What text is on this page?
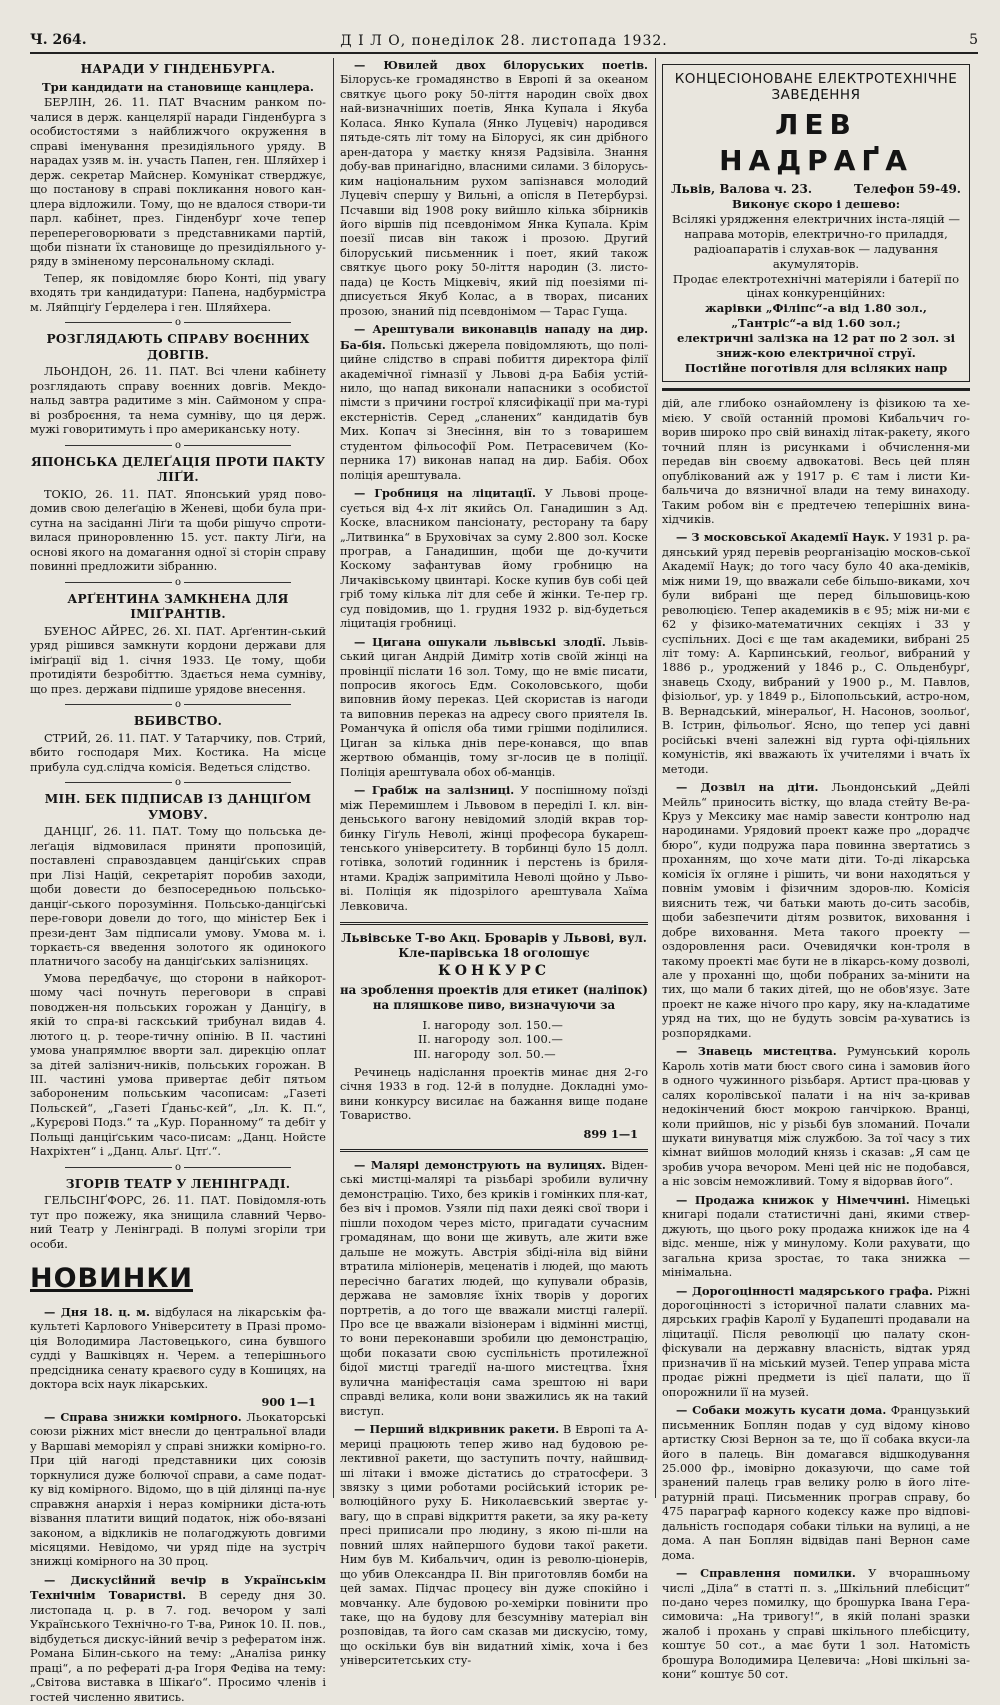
Ч. 264.	Д І Л О, понеділок 28. листопада 1932.	5
НАРАДИ У ГІНДЕНБУРГА.
Три кандидати на становище канцлера.

БЕРЛІН, 26. 11. ПАТ Вчасним ранком по-чалися в держ. канцелярії наради Гінденбурга з особистостями з найближчого окруження в справі іменування президіяльного уряду. В нарадах узяв м. ін. участь Папен, ген. Шляйхер і держ. секретар Майснер. Комунікат стверджує, що постанову в справі покликання нового кан-цлера відложили. Тому, що не вдалося створи-ти парл. кабінет, през. Гінденбурґ хоче тепер перепереговорювати з представниками партій, щоби пізнати їх становище до президіяльного у-ряду в зміненому персональному складі.

Тепер, як повідомляє бюро Конті, під увагу входять три кандидатури: Папена, надбурмістра м. Ляйпціґу Ґерделера і ген. Шляйхера.

o
РОЗГЛЯДАЮТЬ СПРАВУ ВОЄННИХ ДОВГІВ.

ЛЬОНДОН, 26. 11. ПАТ. Всі члени кабінету розглядають справу воєнних довгів. Мекдо-нальд завтра радитиме з мін. Саймоном у спра-ві розброєння, та нема сумніву, що ця держ. мужі говоритимуть і про американську ноту.

o
ЯПОНСЬКА ДЕЛЕҐАЦІЯ ПРОТИ ПАКТУ ЛІҐИ.

ТОКІО, 26. 11. ПАТ. Японський уряд пово-домив свою делеґацію в Женеві, щоби була при-сутна на засіданні Ліґи та щоби рішучо спроти-вилася приноровленню 15. уст. пакту Ліґи, на основі якого на домагання одної зі сторін справу повинні предложити зібранню.

o
АРҐЕНТИНА ЗАМКНЕНА ДЛЯ ІМІҐРАНТІВ.

БУЕНОС АЙРЕС, 26. ХІ. ПАТ. Арґентин-ський уряд рішився замкнути кордони держави для іміґрації від 1. січня 1933. Це тому, щоби протидіяти безробіттю. Здається нема сумніву, що през. держави підпише урядове внесення.

o
ВБИВСТВО.

СТРИЙ, 26. 11. ПАТ. У Татарчику, пов. Стрий, вбито господаря Мих. Костика. На місце прибула суд.слідча комісія. Ведеться слідство.

o
МІН. БЕК ПІДПИСАВ ІЗ ДАНЦІҐОМ УМОВУ.

ДАНЦІҐ, 26. 11. ПАТ. Тому що польська де-леґація відмовилася приняти пропозицій, поставлені справоздавцем данціґських справ при Лізі Націй, секретаріят поробив заходи, щоби довести до безпосередньою польсько-данціґ-ського порозуміння. Польсько-данціґські пере-говори довели до того, що міністер Бек і прези-дент Зам підписали умову. Умова м. і. торкаєть-ся введення золотого як одинокого платничого засобу на данціґських залізницях.

Умова передбачує, що сторони в найкорот-шому часі почнуть переговори в справі поводжен-ня польських горожан у Данціґу, в якій то спра-ві гаскський трибунал видав 4. лютого ц. р. теоре-тичну опінію. В II. частині умова унапрямлює вворти зал. дирекцію оплат за дітей залізнич-ників, польських горожан. В III. частині умова привертає дебіт пятьом забороненим польським часописам: „Газеті Польскєй“, „Газеті Ґданьс-кєй“, „Іл. К. П.“, „Курєрові Подз.“ та „Кур. Поранному“ та дебіт у Польщі данціґським часо-писам: „Данц. Нойсте Нахріхтен“ і „Данц. Альґ. Цтґ.“.

o
ЗГОРІВ ТЕАТР У ЛЕНІНГРАДІ.

ГЕЛЬСІНҐФОРС, 26. 11. ПАТ. Повідомля-ють тут про пожежу, яка знищила славний Черво-ний Театр у Ленінграді. В полумі згоріли три особи.

НОВИНКИ

— Дня 18. ц. м. відбулася на лікарськім фа-культеті Карлового Університету в Празі промо-ція Володимира Ластовецького, сина бувшого судді у Вашківцях н. Черем. а теперішнього предсідника сенату краєвого суду в Кошицях, на доктора всіх наук лікарських.

900 1—1

— Справа знижки комірного. Льокаторські союзи ріжних міст внесли до центральної влади у Варшаві меморіял у справі знижки комірно-го. При цій нагоді представники цих союзів торкнулися дуже болючої справи, а саме подат-ку від комірного. Відомо, що в цій ділянці па-нує справжня анархія і нераз комірники діста-ють візвання платити вищий податок, ніж обо-вязані законом, а відкликів не полагоджують довгими місяцями. Невідомо, чи уряд піде на зустріч знижці комірного на 30 проц.

— Дискусійний вечір в Українськім Технічнім Товаристві. В середу дня 30. листопада ц. р. в 7. год. вечором у залі Українського Технічно-го Т-ва, Ринок 10. II. пов., відбудеться дискус-ійний вечір з рефератом інж. Романа Білин-ського на тему: „Аналіза ринку праці“, а по рефераті д-ра Ігоря Федіва на тему: „Світова виставка в Шікаґо“. Просимо членів і гостей численно явитись.

— Ювилей двох білоруських поетів. Білорусь-ке громадянство в Европі й за океаном святкує цього року 50-ліття народин своїх двох най-визначніших поетів, Янка Купала і Якуба Коласа. Янко Купала (Янко Луцевіч) народився пятьде-сять літ тому на Білорусі, як син дрібного арен-датора у маєтку князя Радзівіла. Знання добу-вав принагідно, власними силами. З білорусь-ким національним рухом запізнався молодий Луцевіч спершу у Вильні, а опісля в Петербурзі. Псчавши від 1908 року вийшло кілька збірників його віршів під псевдонімом Янка Купала. Крім поезії писав він також і прозою. Другий білоруський письменник і поет, який також святкує цього року 50-ліття народин (3. листо-пада) це Кость Міцкевіч, який під поезіями пі-дписується Якуб Колас, а в творах, писаних прозою, знаний під псевдонімом — Тарас Гуща.

— Арештували виконавців нападу на дир. Ба-бія. Польські джерела повідомляють, що полі-цийне слідство в справі побиття директора філії академічної гімназії у Львові д-ра Бабія устій-нило, що напад виконали напасники з особистої пімсти з причини гострої кляcифікації при ма-турі екстерністів. Серед „сланених“ кандидатів був Мих. Копач зі Знесіння, він то з товаришем студентом фільософії Ром. Петрасевичем (Ко-перника 17) виконав напад на дир. Бабія. Обох поліція арештувала.

— Гробниця на ліцитації. У Львові проце-сується від 4-х літ якийсь Ол. Ганадишин з Ад. Коске, власником пансіонату, ресторану та бару „Литвинка“ в Бруховічах за суму 2.800 зол. Коске програв, а Ганадишин, щоби ще до-кучити Коскому зафантував йому гробницю на Личаківському цвинтарі. Коске купив був собі цей гріб тому кілька літ для себе й жінки. Те-пер гр. суд повідомив, що 1. грудня 1932 р. від-будеться ліцитація гробниці.

— Цигана ошукали львівські злодії. Львів-ський циган Андрій Димітр хотів своїй жінці на провінції післати 16 зол. Тому, що не вміє писати, попросив якогось Едм. Соколовського, щоби виповнив йому переказ. Цей скористав із нагоди та виповнив переказ на адресу свого приятеля Ів. Романчука й опісля оба тими грішми поділилися. Циган за кілька днів пере-конався, що впав жертвою обманців, тому зг-лосив це в поліції. Поліція арештувала обох об-манців.

— Грабіж на залізниці. У поспішному поїзді між Перемишлем і Львовом в переділі І. кл. він-деньського вагону невідомий злодій вкрав тор-бинку Гіґуль Неволі, жінці професора букареш-тенського університету. В торбинці було 15 долл. готівка, золотий годинник і перстень із бриля-нтами. Крадіж запримітила Неволі щойно у Льво-ві. Поліція як підозрілого арештувала Хаїма Левковича.

Львівське Т-во Акц. Броварів у Львові, вул. Кле-парівська 18 оголошує
КОНКУРС
на зроблення проектів для етикет (наліпок) на пляшкове пиво, визначуючи за
I. нагороду зол. 150.—
II. нагороду зол. 100.—
III. нагороду зол. 50.—

Речинець надіслання проектів минає дня 2-го січня 1933 в год. 12-й в полудне. Докладні умо-вини конкурсу висилає на бажання вище подане Товариство.

899 1—1

— Малярі демонструють на вулицях. Віден-ські мистці-малярі та різьбарі зробили вуличну демонстрацію. Тихо, без криків і гомінких пля-кат, без віч і промов. Узяли під пахи деякі свої твори і пішли походом через місто, пригадати сучасним громадянам, що вони ще живуть, але жити вже дальше не можуть. Австрія збіді-ніла від війни втратила міліонерів, меценатів і людей, що мають пересічно багатих людей, що купували образів, держава не замовляє їхніх творів у дорогих портретів, а до того ще вважали мистці галерії. Про все це вважали візіонерам і відмінні мистці, то вони переконавши зробили цю демонстрацію, щоби показати свою суспільність протилежної бідої мистці трагедії на-шого мистецтва. Їхня вулична маніфестація сама зрештою ні вари справді велика, коли вони зважились як на такий виступ.

— Перший відкривник ракети. В Европі та А-мериці працюють тепер живо над будовою ре-лективної ракети, що заступить почту, найшвид-ші літаки і вможе дістатись до стратосфери. З звязку з цими роботами російський історик ре-волюційного руху Б. Николаєвський звертає у-вагу, що в справі відкриття ракети, за яку ра-кету пресі приписали про людину, з якою пі-шли на повний шлях найпершого будови такої ракети. Ним був М. Кибальчич, один із револю-ціонерів, що убив Олександра II. Він приготовляв бомби на цей замах. Підчас процесу він дуже спокійно і мовчанку. Але будовою ро-хемірки повінити про таке, що на будову для безсумніву матеріал він розповідав, та його сам сказав ми дискусію, тому, що оскільки був він видатний хімік, хоча і без університетських сту-

КОНЦЕСІОНОВАНЕ ЕЛЕКТРОТЕХНІЧНЕ ЗАВЕДЕННЯ
ЛЕВ НАДРАҐА
Львів, Валова ч. 23.	Телефон 59-49.
Виконує скоро і дешево:
Всілякі урядження електричних інста-ляцій — направа моторів, електрично-го приладдя, радіоапаратів і слухав-вок — ладування акумуляторів.
Продає електротехнічні матеріяли і батерії по цінах конкуренційних:
жарівки „Філіпс“-а від 1.80 зол., „Тантріс“-а від 1.60 зол.;
електричні залізка на 12 рат по 2 зол. зі зниж-кою електричної струї.
Постійне поготівля для всіляких напр

дій, але глибоко ознайомлену із фізикою та хе-мією. У своїй останній промові Кибальчич го-ворив широко про свій винахід літак-ракету, якого точний плян із рисунками і обчислення-ми передав він своєму адвокатові. Весь цей плян опублікований аж у 1917 р. Є там і листи Ки-бальчича до вязничної влади на тему винаходу. Таким робом він є предтечею теперішніх вина-хідчиків.

— З московської Академії Наук. У 1931 р. ра-дянський уряд перевів реорганізацію москов-ської Академії Наук; до того часу було 40 ака-деміків, між ними 19, що вважали себе більшо-виками, хоч були вибрані ще перед більшовиць-кою революцією. Тепер академиків в є 95; між ни-ми є 62 у фізико-математичних секціях і 33 у суспільних. Досі є ще там академики, вибрані 25 літ тому: А. Карпинський, геольоґ, вибраний у 1886 р., уроджений у 1846 р., С. Ольденбурґ, знавець Сходу, вибраний у 1900 р., М. Павлов, фізіольоґ, ур. у 1849 р., Білопольський, астро-ном, В. Вернадський, мінеральоґ, Н. Насонов, зоольоґ, В. Істрин, фільольоґ. Ясно, що тепер усі давні російські вчені залежні від гурта офі-ціяльних комуністів, які вважають їх учителями і вчать їх методи.

— Дозвіл на діти. Льондонський „Дейлі Мейль“ приносить вістку, що влада стейту Ве-ра-Круз у Мексику має намір завести контролю над народинами. Урядовий проект каже про „дорадчє бюро“, куди подружа пара повинна звертатись з проханням, що хоче мати діти. То-ді лікарська комісія їх огляне і рішить, чи вони находяться у повнім умовім і фізичним здоров-лю. Комісія вияснить теж, чи батьки мають до-сить засобів, щоби забезпечити дітям розвиток, виховання і добре виховання. Мета такого проекту — оздоровлення раси. Очевидячки кон-троля в такому проекті має бути не в лікарсь-кому дозволі, але у проханні що, щоби побраних за-мінити на тих, що мали б таких дітей, що не обов'язує. Зате проект не каже нічого про кару, яку на-кладатиме уряд на тих, що не будуть зовсім ра-хуватись із розпорядками.

— Знавець мистецтва. Румунський король Кароль хотів мати бюст свого сина і замовив його в одного чужинного різьбаря. Артист пра-цював у салях королівської палати і на ніч за-кривав недокінчений бюст мокрою ганчіркою. Вранці, коли прийшов, ніс у різьбі був зломаний. Почали шукати винуватця між службою. За тої часу з тих кімнат вийшов молодий князь і сказав: „Я сам це зробив учора вечором. Мені цей ніс не подобався, а ніс зовсім неможливий. Тому я відорвав його“.

— Продажа книжок у Німеччині. Німецькі книгарі подали статистичні дані, якими ствер-джують, що цього року продажа книжок іде на 4 відс. менше, ніж у минулому. Коли рахувати, що загальна криза зростає, то така знижка — мінімальна.

— Дорогоцінності мадярського графа. Ріжні дорогоцінності з історичної палати славних ма-дярських графів Каролї у Будапешті продавали на ліцитації. Після революції цю палату скон-фіскували на державну власність, відтак уряд призначив її на міський музей. Тепер управа міста продає ріжні предмети із цієї палати, що її опорожнили її на музей.

— Собаки можуть кусати дома. Французький письменник Боплян подав у суд відому кіново артистку Сюзі Вернон за те, що її собака вкуси-ла його в палець. Він домагався відшкодування 25.000 фр., імовірно доказуючи, що саме той зранений палець грав велику ролю в його літе-ратурній праці. Письменник програв справу, бо 475 параграф карного кодексу каже про відпові-дальність господаря собаки тільки на вулиці, а не дома. А пан Боплян відвідав пані Вернон саме дома.

— Справлення помилки. У вчорашньому числі „Діла“ в статті п. з. „Шкільний плебісцит“ по-дано через помилку, що брошурка Івана Гера-симовича: „На тривогу!“, в якій полані зразки жалоб і прохань у справі шкільного плебісциту, коштує 50 сот., а має бути 1 зол. Натомість брошура Володимира Целевича: „Нові шкільні за-кони“ коштує 50 сот.
